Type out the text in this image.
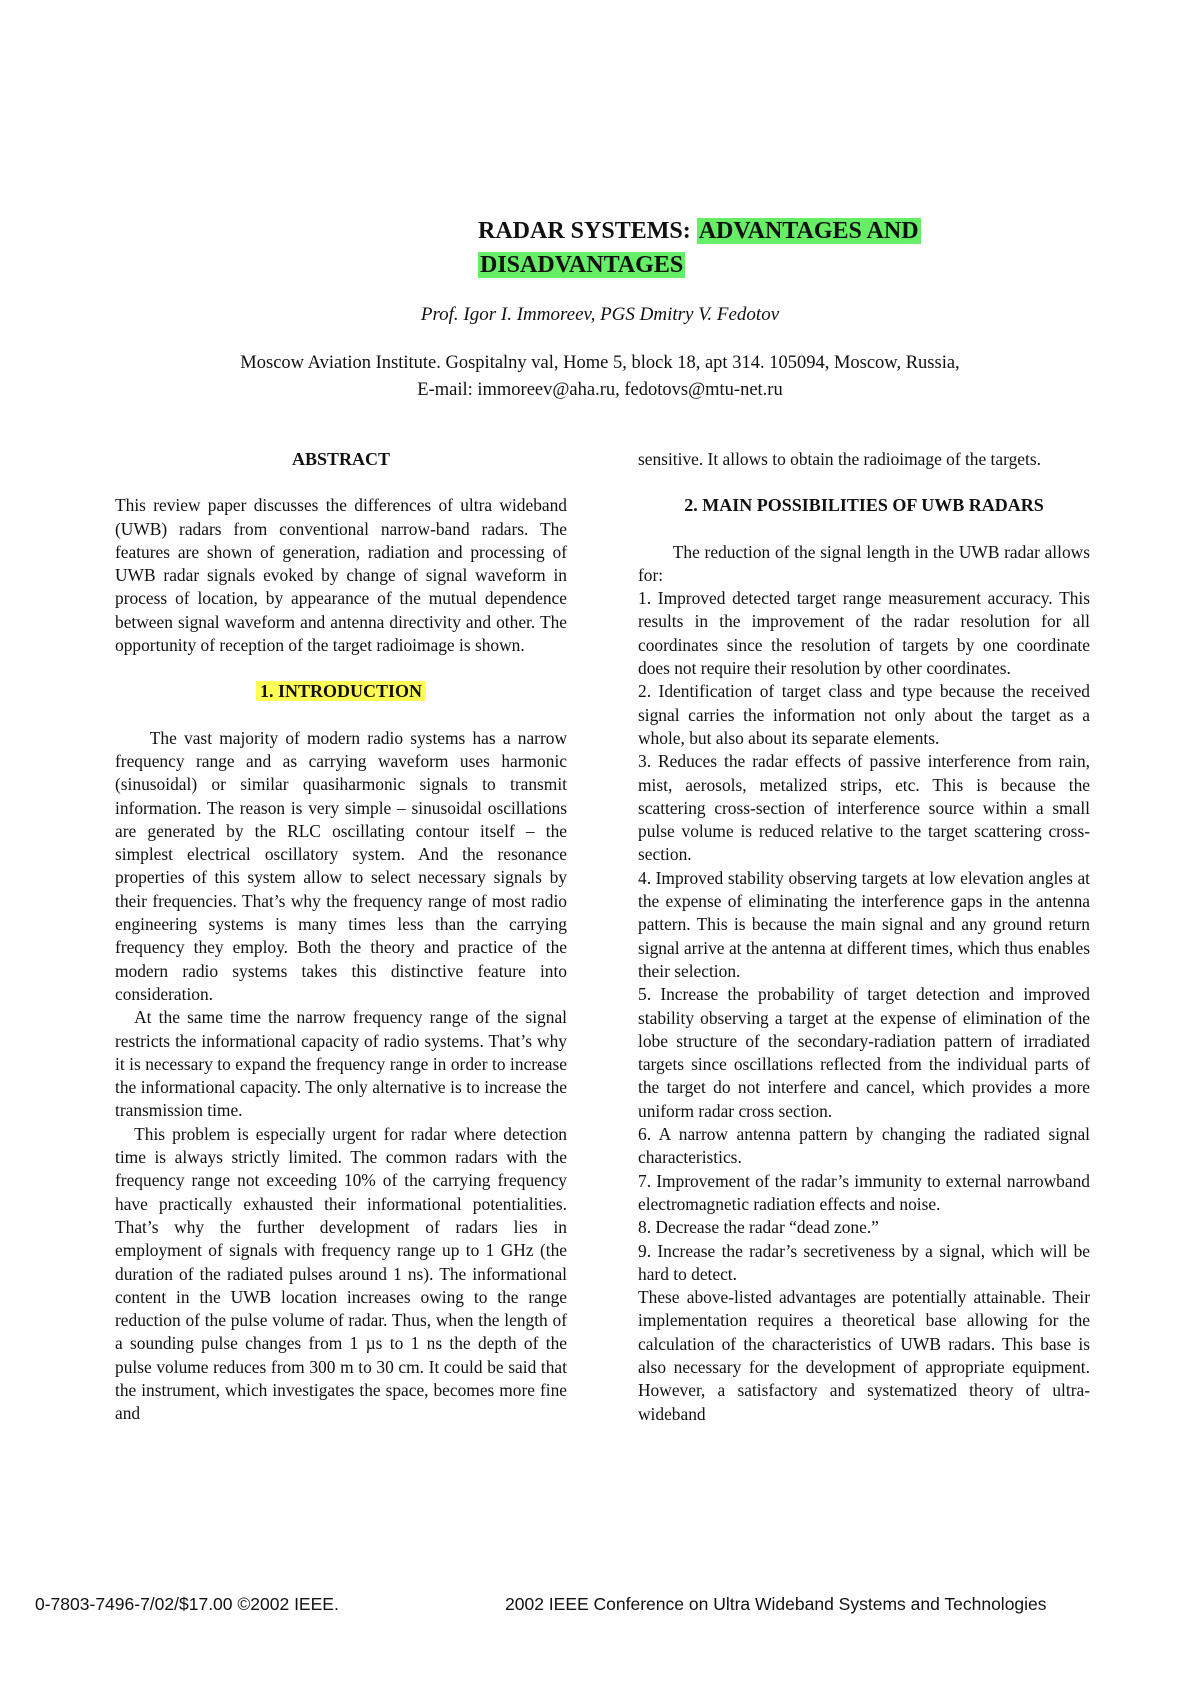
RADAR SYSTEMS: ADVANTAGES AND
DISADVANTAGES
Prof. Igor I. Immoreev, PGS Dmitry V. Fedotov
Moscow Aviation Institute. Gospitalny val, Home 5, block 18, apt 314. 105094, Moscow, Russia,
E-mail: immoreev@aha.ru, fedotovs@mtu-net.ru

ABSTRACT

This review paper discusses the differences of ultra wideband (UWB) radars from conventional narrow-band radars. The features are shown of generation, radiation and processing of UWB radar signals evoked by change of signal waveform in process of location, by appearance of the mutual dependence between signal waveform and antenna directivity and other. The opportunity of reception of the target radioimage is shown.

1. INTRODUCTION

The vast majority of modern radio systems has a narrow frequency range and as carrying waveform uses harmonic (sinusoidal) or similar quasiharmonic signals to transmit information. The reason is very simple – sinusoidal oscillations are generated by the RLC oscillating contour itself – the simplest electrical oscillatory system. And the resonance properties of this system allow to select necessary signals by their frequencies. That’s why the frequency range of most radio engineering systems is many times less than the carrying frequency they employ. Both the theory and practice of the modern radio systems takes this distinctive feature into consideration.

At the same time the narrow frequency range of the signal restricts the informational capacity of radio systems. That’s why it is necessary to expand the frequency range in order to increase the informational capacity. The only alternative is to increase the transmission time.

This problem is especially urgent for radar where detection time is always strictly limited. The common radars with the frequency range not exceeding 10% of the carrying frequency have practically exhausted their informational potentialities. That’s why the further development of radars lies in employment of signals with frequency range up to 1 GHz (the duration of the radiated pulses around 1 ns). The informational content in the UWB location increases owing to the range reduction of the pulse volume of radar. Thus, when the length of a sounding pulse changes from 1 µs to 1 ns the depth of the pulse volume reduces from 300 m to 30 cm. It could be said that the instrument, which investigates the space, becomes more fine and

sensitive. It allows to obtain the radioimage of the targets.

2. MAIN POSSIBILITIES OF UWB RADARS

The reduction of the signal length in the UWB radar allows for:

1. Improved detected target range measurement accuracy. This results in the improvement of the radar resolution for all coordinates since the resolution of targets by one coordinate does not require their resolution by other coordinates.

2. Identification of target class and type because the received signal carries the information not only about the target as a whole, but also about its separate elements.

3. Reduces the radar effects of passive interference from rain, mist, aerosols, metalized strips, etc. This is because the scattering cross-section of interference source within a small pulse volume is reduced relative to the target scattering cross-section.

4. Improved stability observing targets at low elevation angles at the expense of eliminating the interference gaps in the antenna pattern. This is because the main signal and any ground return signal arrive at the antenna at different times, which thus enables their selection.

5. Increase the probability of target detection and improved stability observing a target at the expense of elimination of the lobe structure of the secondary-radiation pattern of irradiated targets since oscillations reflected from the individual parts of the target do not interfere and cancel, which provides a more uniform radar cross section.

6. A narrow antenna pattern by changing the radiated signal characteristics.

7. Improvement of the radar’s immunity to external narrowband electromagnetic radiation effects and noise.

8. Decrease the radar “dead zone.”

9. Increase the radar’s secretiveness by a signal, which will be hard to detect.

These above-listed advantages are potentially attainable. Their implementation requires a theoretical base allowing for the calculation of the characteristics of UWB radars. This base is also necessary for the development of appropriate equipment. However, a satisfactory and systematized theory of ultra-wideband

0-7803-7496-7/02/$17.00 ©2002 IEEE.	2002 IEEE Conference on Ultra Wideband Systems and Technologies
